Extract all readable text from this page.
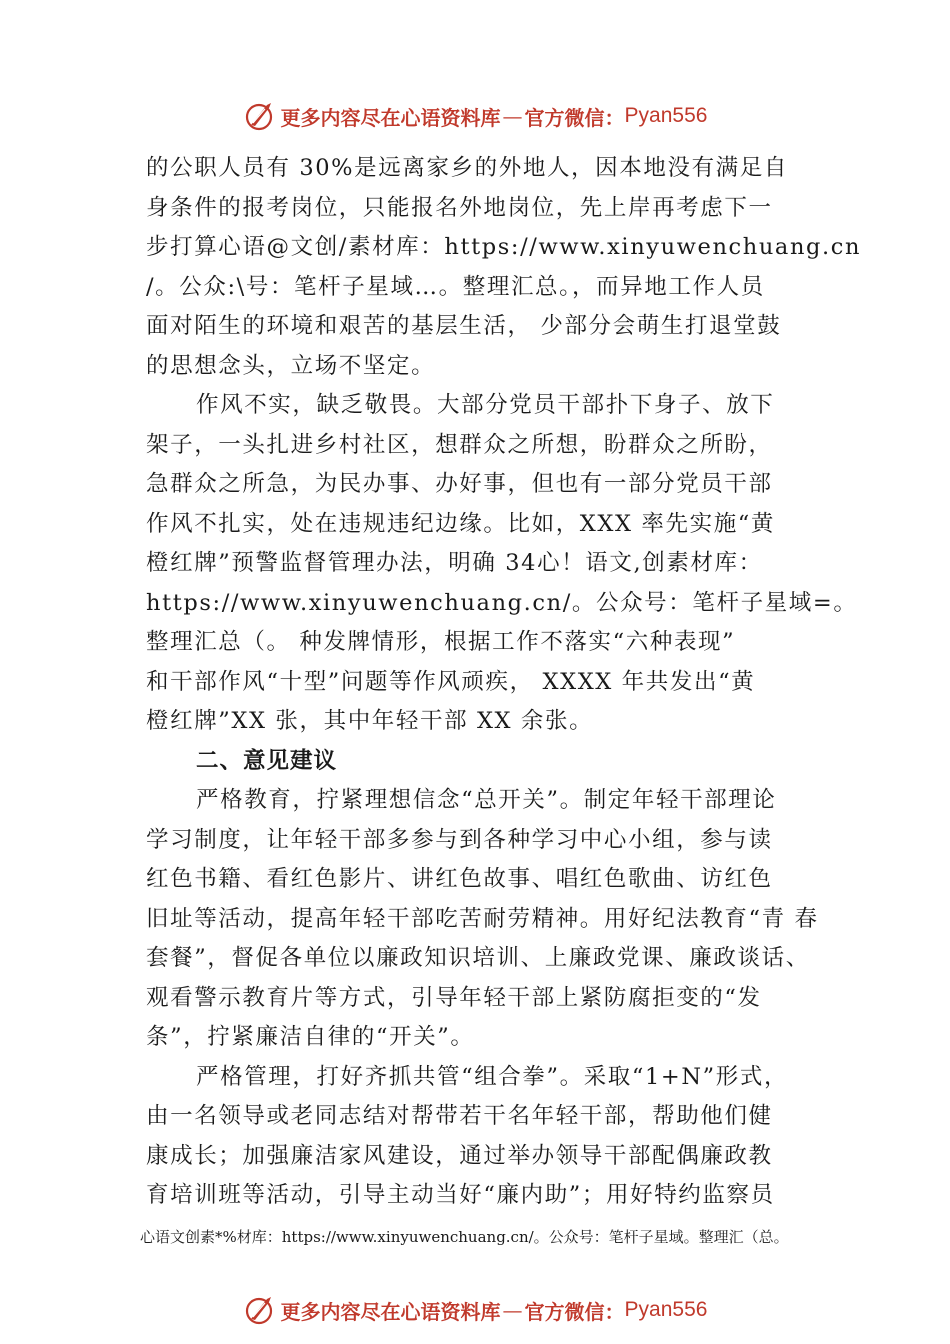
更多内容尽在心语资料库 — 官方微信： Pyan556
的公职人员有 30%是远离家乡的外地人，因本地没有满足自
身条件的报考岗位，只能报名外地岗位，先上岸再考虑下一
步打算心语@文创/素材库：https://www.xinyuwenchuang.cn
/。公众:\号：笔杆子星域…。整理汇总。，而异地工作人员
面对陌生的环境和艰苦的基层生活， 少部分会萌生打退堂鼓
的思想念头，立场不坚定。
作风不实，缺乏敬畏。大部分党员干部扑下身子、放下
架子，一头扎进乡村社区，想群众之所想，盼群众之所盼，
急群众之所急，为民办事、办好事，但也有一部分党员干部
作风不扎实，处在违规违纪边缘。比如，XXX 率先实施“黄
橙红牌”预警监督管理办法，明确 34心！语文,创素材库：
https://www.xinyuwenchuang.cn/。公众号：笔杆子星域=。
整理汇总（。 种发牌情形，根据工作不落实“六种表现”
和干部作风“十型”问题等作风顽疾， XXXX 年共发出“黄
橙红牌”XX 张，其中年轻干部 XX 余张。
二、意见建议
严格教育，拧紧理想信念“总开关”。制定年轻干部理论
学习制度，让年轻干部多参与到各种学习中心小组，参与读
红色书籍、看红色影片、讲红色故事、唱红色歌曲、访红色
旧址等活动，提高年轻干部吃苦耐劳精神。用好纪法教育“青 春
套餐”，督促各单位以廉政知识培训、上廉政党课、廉政谈话、
观看警示教育片等方式，引导年轻干部上紧防腐拒变的“发
条”，拧紧廉洁自律的“开关”。
严格管理，打好齐抓共管“组合拳”。采取“1+N”形式，
由一名领导或老同志结对帮带若干名年轻干部，帮助他们健
康成长；加强廉洁家风建设，通过举办领导干部配偶廉政教
育培训班等活动，引导主动当好“廉内助”；用好特约监察员
心语文创素*%材库：https://www.xinyuwenchuang.cn/。公众号：笔杆子星域。整理汇（总。
更多内容尽在心语资料库 — 官方微信： Pyan556
